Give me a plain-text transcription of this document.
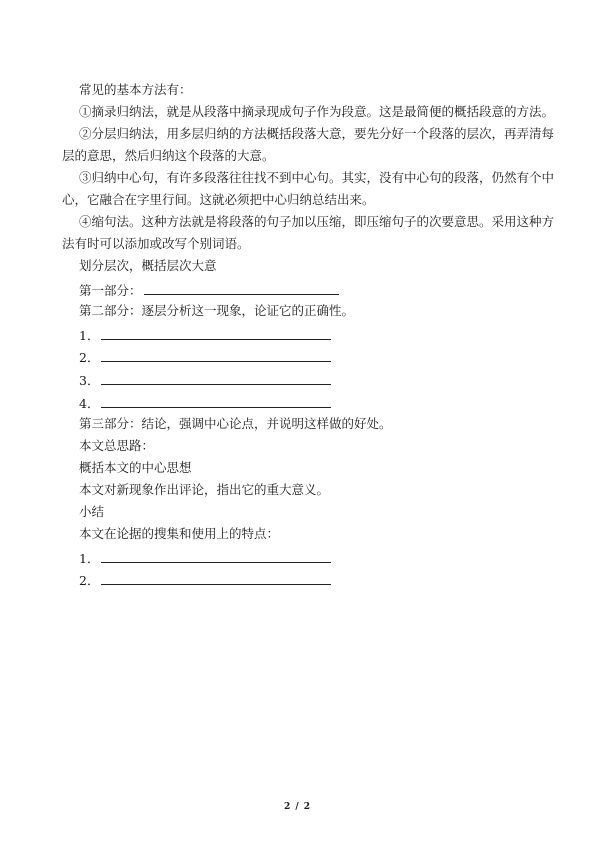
常见的基本方法有：
①摘录归纳法，就是从段落中摘录现成句子作为段意。这是最简便的概括段意的方法。
②分层归纳法，用多层归纳的方法概括段落大意，要先分好一个段落的层次，再弄清每
层的意思，然后归纳这个段落的大意。
③归纳中心句，有许多段落往往找不到中心句。其实，没有中心句的段落，仍然有个中
心，它融合在字里行间。这就必须把中心归纳总结出来。
④缩句法。这种方法就是将段落的句子加以压缩，即压缩句子的次要意思。采用这种方
法有时可以添加或改写个别词语。
划分层次，概括层次大意
第一部分：
第二部分：逐层分析这一现象，论证它的正确性。
1．
2．
3．
4．
第三部分：结论，强调中心论点，并说明这样做的好处。
本文总思路：
概括本文的中心思想
本文对新现象作出评论，指出它的重大意义。
小结
本文在论据的搜集和使用上的特点：
1．
2．
2 / 2
